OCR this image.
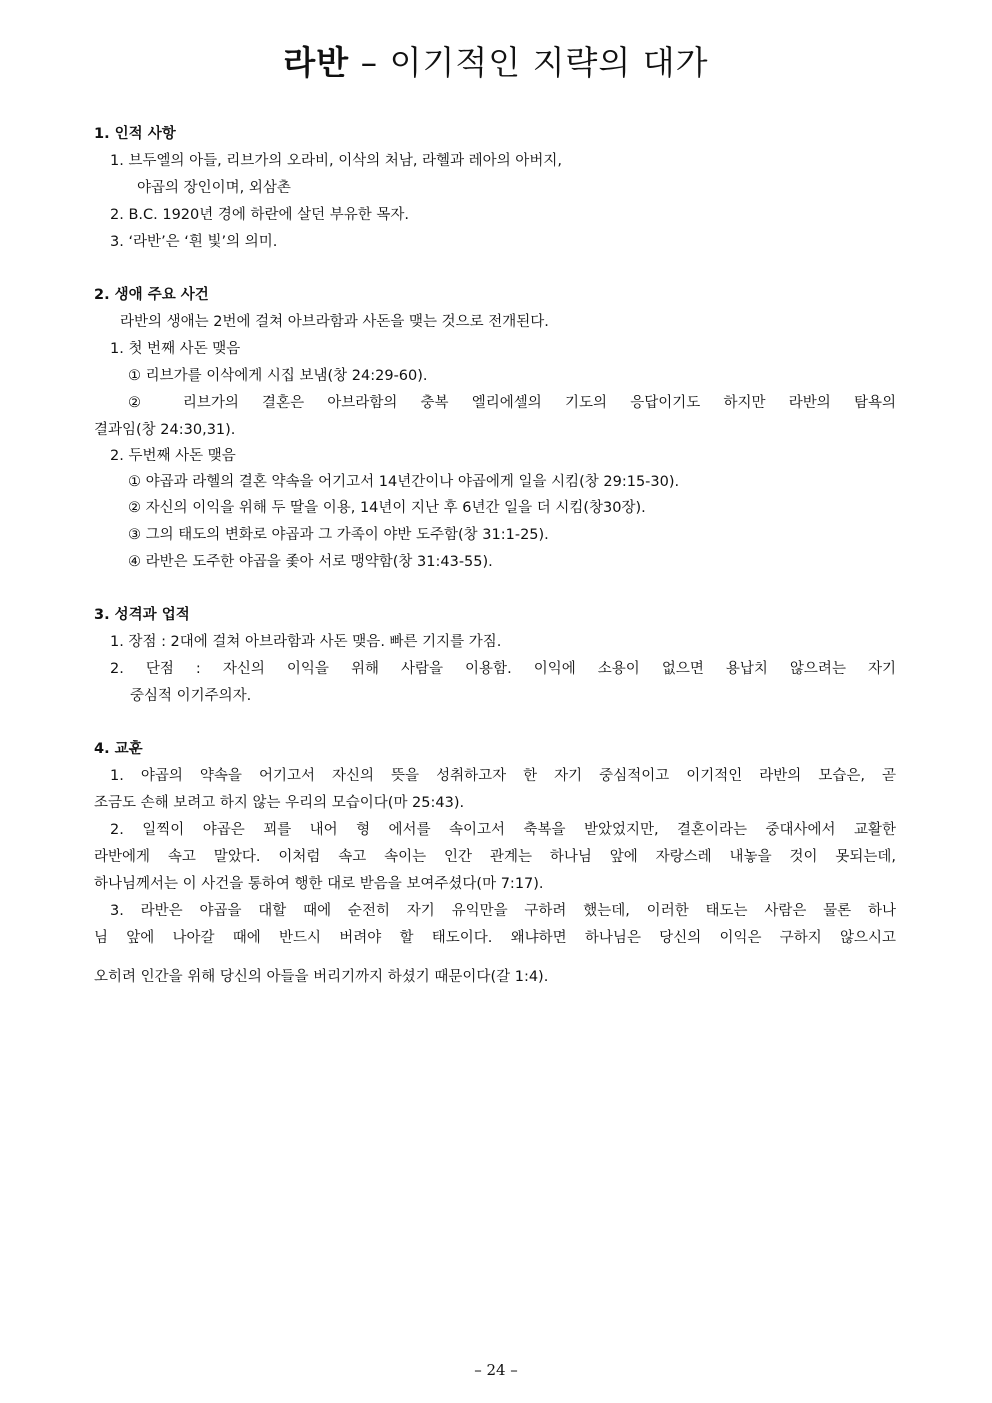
라반 – 이기적인 지략의 대가
1. 인적 사항
1. 브두엘의 아들, 리브가의 오라비, 이삭의 처남, 라헬과 레아의 아버지,
야곱의 장인이며, 외삼촌
2. B.C. 1920년 경에 하란에 살던 부유한 목자.
3. ‘라반’은 ‘흰 빛’의 의미.
2. 생애 주요 사건
라반의 생애는 2번에 걸쳐 아브라함과 사돈을 맺는 것으로 전개된다.
1. 첫 번째 사돈 맺음
① 리브가를 이삭에게 시집 보냄(창 24:29-60).
② 리브가의 결혼은 아브라함의 충복 엘리에셀의 기도의 응답이기도 하지만 라반의 탐욕의
결과임(창 24:30,31).
2. 두번째 사돈 맺음
① 야곱과 라헬의 결혼 약속을 어기고서 14년간이나 야곱에게 일을 시킴(창 29:15-30).
② 자신의 이익을 위해 두 딸을 이용, 14년이 지난 후 6년간 일을 더 시킴(창30장).
③ 그의 태도의 변화로 야곱과 그 가족이 야반 도주함(창 31:1-25).
④ 라반은 도주한 야곱을 좇아 서로 맹약함(창 31:43-55).
3. 성격과 업적
1. 장점 : 2대에 걸쳐 아브라함과 사돈 맺음. 빠른 기지를 가짐.
2. 단점 : 자신의 이익을 위해 사람을 이용함. 이익에 소용이 없으면 용납치 않으려는 자기
중심적 이기주의자.
4. 교훈
1. 야곱의 약속을 어기고서 자신의 뜻을 성취하고자 한 자기 중심적이고 이기적인 라반의 모습은, 곧
조금도 손해 보려고 하지 않는 우리의 모습이다(마 25:43).
2. 일찍이 야곱은 꾀를 내어 형 에서를 속이고서 축복을 받았었지만, 결혼이라는 중대사에서 교활한
라반에게 속고 말았다. 이처럼 속고 속이는 인간 관계는 하나님 앞에 자랑스레 내놓을 것이 못되는데,
하나님께서는 이 사건을 통하여 행한 대로 받음을 보여주셨다(마 7:17).
3. 라반은 야곱을 대할 때에 순전히 자기 유익만을 구하려 했는데, 이러한 태도는 사람은 물론 하나
님 앞에 나아갈 때에 반드시 버려야 할 태도이다. 왜냐하면 하나님은 당신의 이익은 구하지 않으시고
오히려 인간을 위해 당신의 아들을 버리기까지 하셨기 때문이다(갈 1:4).
– 24 –
